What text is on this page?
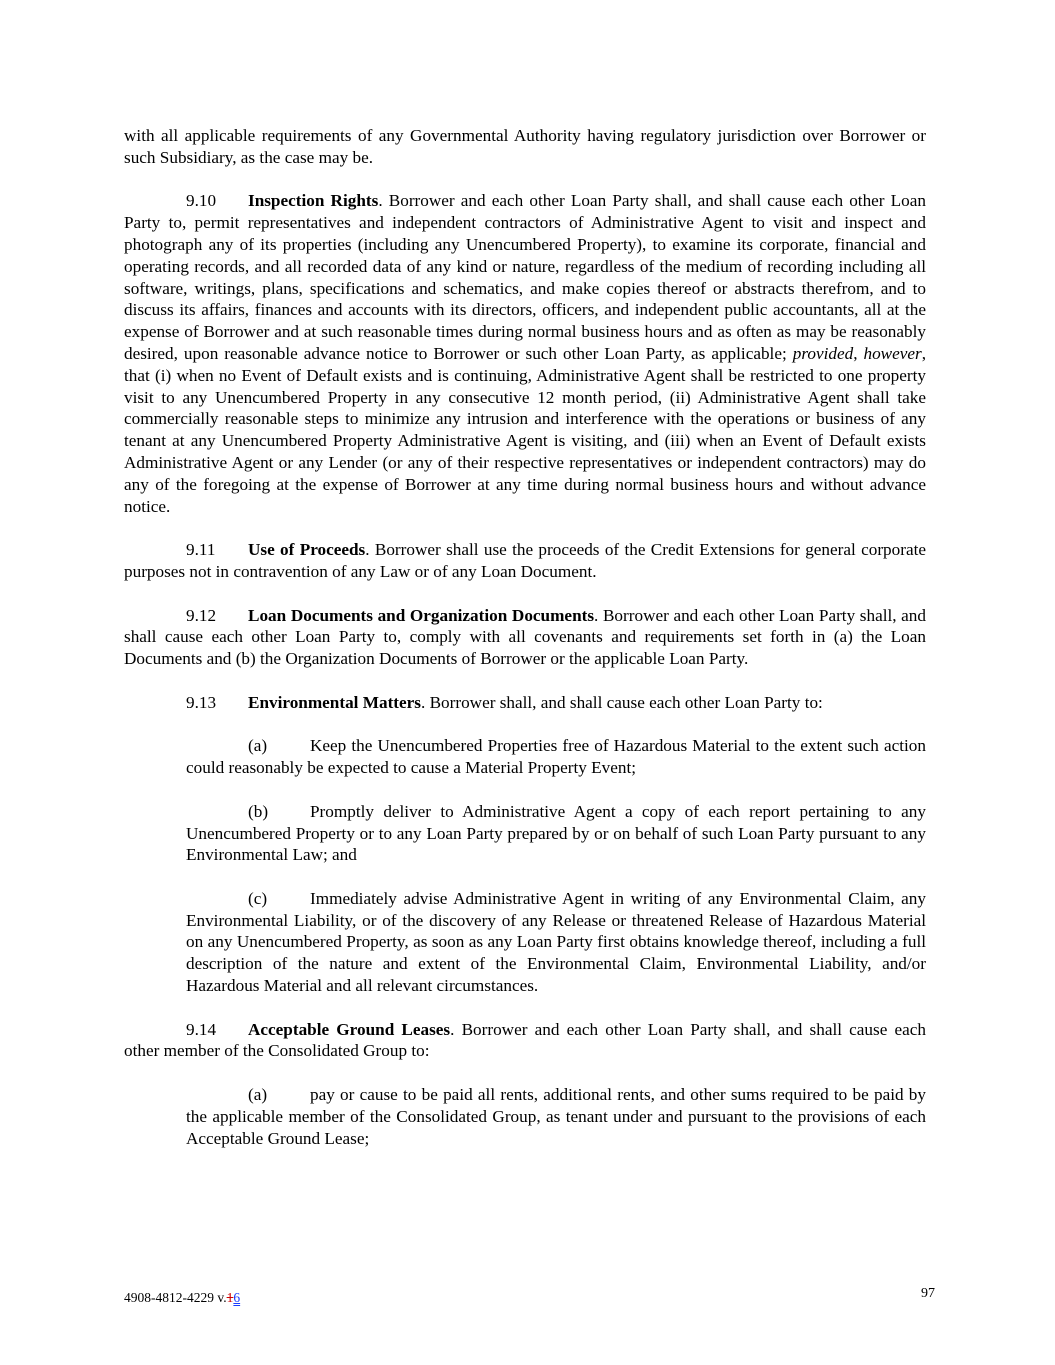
with all applicable requirements of any Governmental Authority having regulatory jurisdiction over Borrower or such Subsidiary, as the case may be.

9.10 Inspection Rights. Borrower and each other Loan Party shall, and shall cause each other Loan Party to, permit representatives and independent contractors of Administrative Agent to visit and inspect and photograph any of its properties (including any Unencumbered Property), to examine its corporate, financial and operating records, and all recorded data of any kind or nature, regardless of the medium of recording including all software, writings, plans, specifications and schematics, and make copies thereof or abstracts therefrom, and to discuss its affairs, finances and accounts with its directors, officers, and independent public accountants, all at the expense of Borrower and at such reasonable times during normal business hours and as often as may be reasonably desired, upon reasonable advance notice to Borrower or such other Loan Party, as applicable; provided, however, that (i) when no Event of Default exists and is continuing, Administrative Agent shall be restricted to one property visit to any Unencumbered Property in any consecutive 12 month period, (ii) Administrative Agent shall take commercially reasonable steps to minimize any intrusion and interference with the operations or business of any tenant at any Unencumbered Property Administrative Agent is visiting, and (iii) when an Event of Default exists Administrative Agent or any Lender (or any of their respective representatives or independent contractors) may do any of the foregoing at the expense of Borrower at any time during normal business hours and without advance notice.

9.11 Use of Proceeds. Borrower shall use the proceeds of the Credit Extensions for general corporate purposes not in contravention of any Law or of any Loan Document.

9.12 Loan Documents and Organization Documents. Borrower and each other Loan Party shall, and shall cause each other Loan Party to, comply with all covenants and requirements set forth in (a) the Loan Documents and (b) the Organization Documents of Borrower or the applicable Loan Party.

9.13 Environmental Matters. Borrower shall, and shall cause each other Loan Party to:

(a) Keep the Unencumbered Properties free of Hazardous Material to the extent such action could reasonably be expected to cause a Material Property Event;

(b) Promptly deliver to Administrative Agent a copy of each report pertaining to any Unencumbered Property or to any Loan Party prepared by or on behalf of such Loan Party pursuant to any Environmental Law; and

(c) Immediately advise Administrative Agent in writing of any Environmental Claim, any Environmental Liability, or of the discovery of any Release or threatened Release of Hazardous Material on any Unencumbered Property, as soon as any Loan Party first obtains knowledge thereof, including a full description of the nature and extent of the Environmental Claim, Environmental Liability, and/or Hazardous Material and all relevant circumstances.

9.14 Acceptable Ground Leases. Borrower and each other Loan Party shall, and shall cause each other member of the Consolidated Group to:

(a) pay or cause to be paid all rents, additional rents, and other sums required to be paid by the applicable member of the Consolidated Group, as tenant under and pursuant to the provisions of each Acceptable Ground Lease;

4908-4812-4229 v.16	97
